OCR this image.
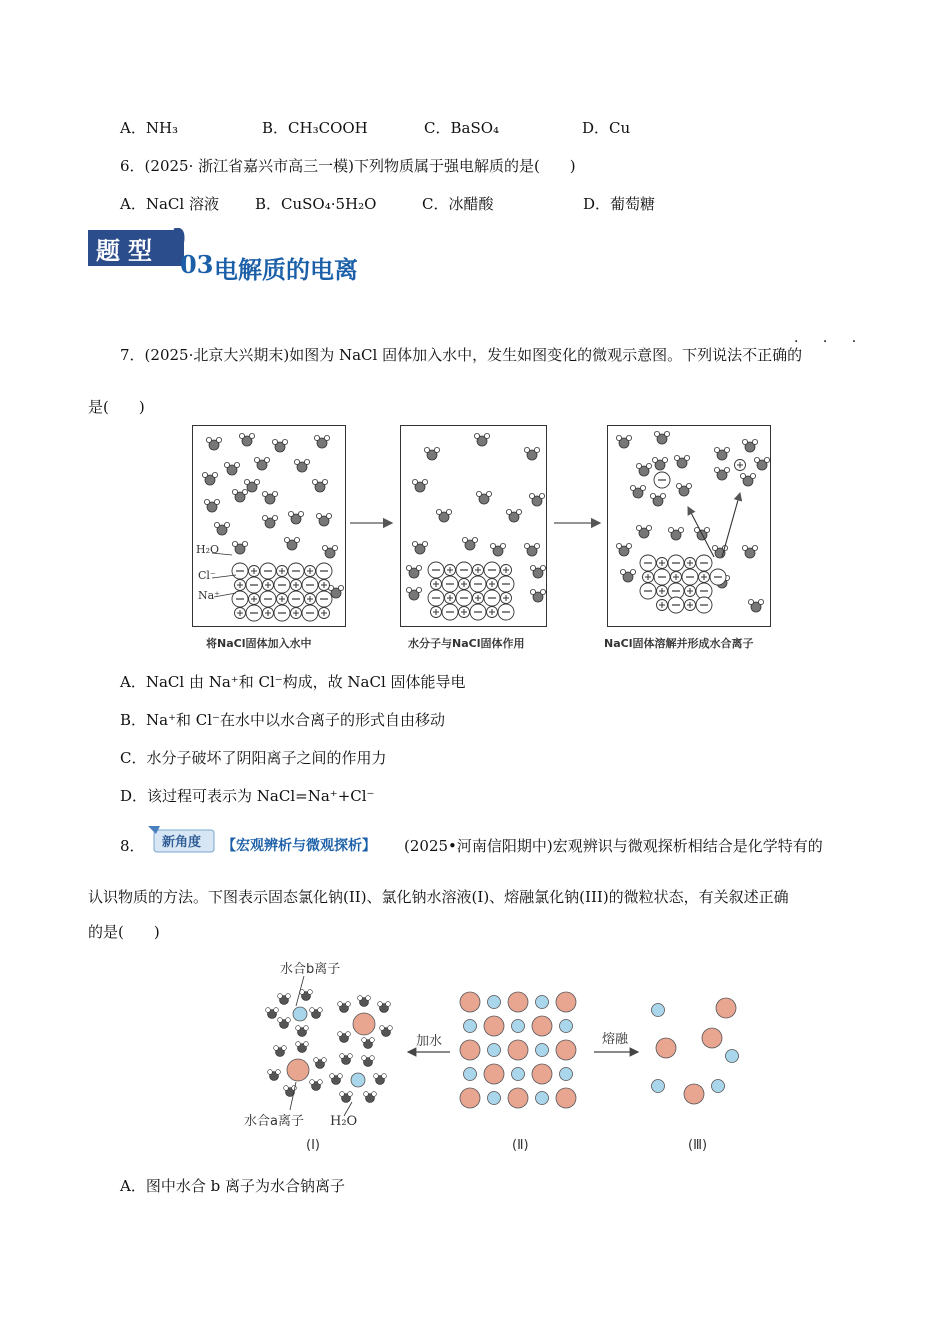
A．NH₃	B．CH₃COOH	C．BaSO₄	D．Cu
6．(2025· 浙江省嘉兴市高三一模)下列物质属于强电解质的是(　　)
A．NaCl 溶液 B．CuSO₄·5H₂O	C．冰醋酸	D．葡萄糖
题型 03 电解质的电离
· · ·
7．(2025·北京大兴期末)如图为 NaCl 固体加入水中，发生如图变化的微观示意图。下列说法不正确的
是(　　)
H₂O
Cl⁻
Na⁺
将NaCl固体加入水中	水分子与NaCl固体作用	NaCl固体溶解并形成水合离子
A．NaCl 由 Na⁺和 Cl⁻构成，故 NaCl 固体能导电
B．Na⁺和 Cl⁻在水中以水合离子的形式自由移动
C．水分子破坏了阴阳离子之间的作用力
D．该过程可表示为 NaCl=Na⁺+Cl⁻
8． 新角度 【宏观辨析与微观探析】 (2025•河南信阳期中)宏观辨识与微观探析相结合是化学特有的
认识物质的方法。下图表示固态氯化钠(II)、氯化钠水溶液(I)、熔融氯化钠(III)的微粒状态，有关叙述正确
的是(　　)
水合b离子
水合a离子 H₂O
加水	熔融
(Ⅰ)	(Ⅱ)	(Ⅲ)
A．图中水合 b 离子为水合钠离子
